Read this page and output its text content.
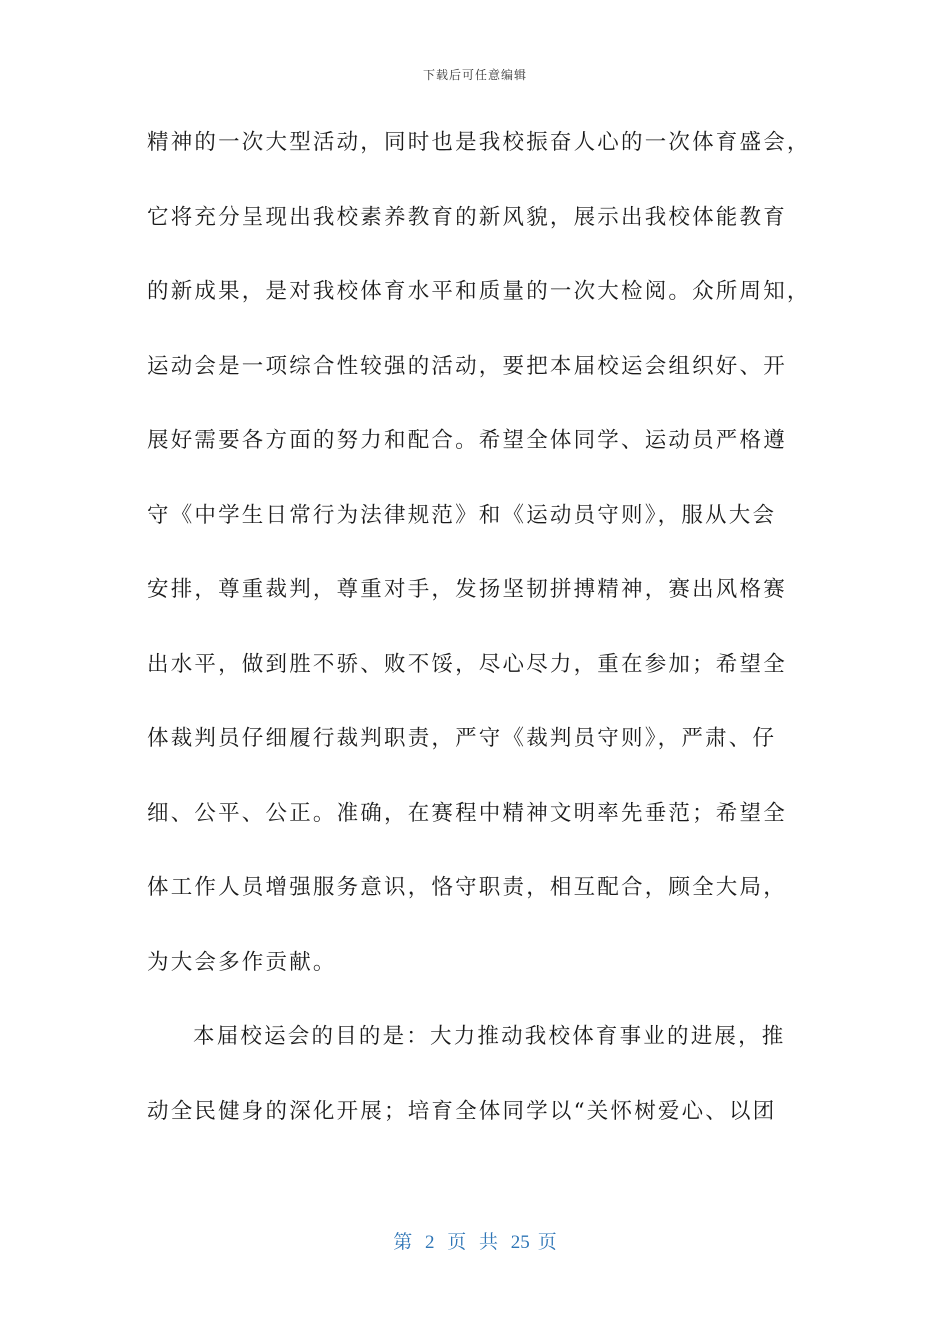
下载后可任意编辑
精神的一次大型活动，同时也是我校振奋人心的一次体育盛会，
它将充分呈现出我校素养教育的新风貌，展示出我校体能教育
的新成果，是对我校体育水平和质量的一次大检阅。众所周知，
运动会是一项综合性较强的活动，要把本届校运会组织好、开
展好需要各方面的努力和配合。希望全体同学、运动员严格遵
守《中学生日常行为法律规范》和《运动员守则》，服从大会
安排，尊重裁判，尊重对手，发扬坚韧拼搏精神，赛出风格赛
出水平，做到胜不骄、败不馁，尽心尽力，重在参加；希望全
体裁判员仔细履行裁判职责，严守《裁判员守则》，严肃、仔
细、公平、公正。准确，在赛程中精神文明率先垂范；希望全
体工作人员增强服务意识，恪守职责，相互配合，顾全大局，
为大会多作贡献。
本届校运会的目的是：大力推动我校体育事业的进展，推
动全民健身的深化开展；培育全体同学以“关怀树爱心、以团
第 2 页 共 25 页
